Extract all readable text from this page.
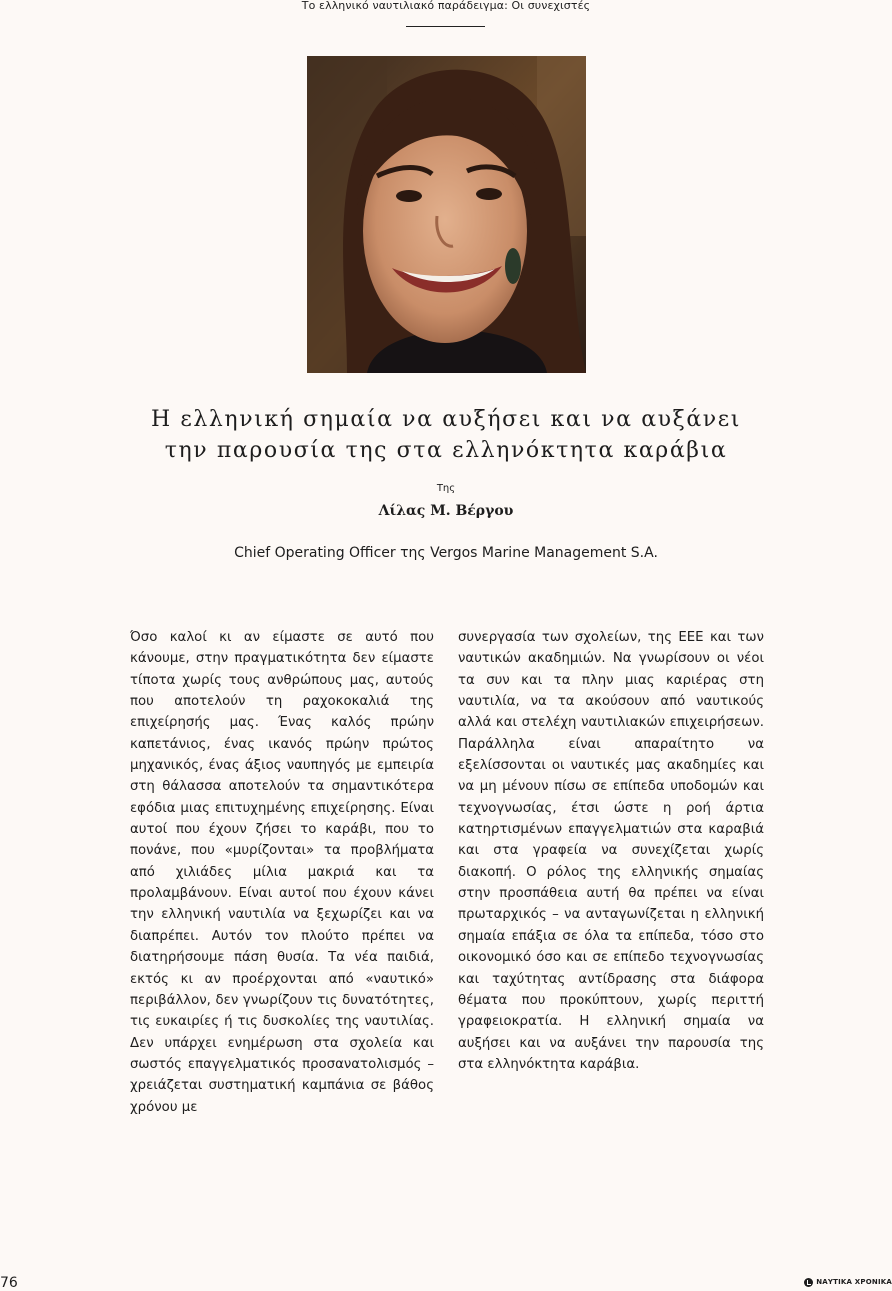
Το ελληνικό ναυτιλιακό παράδειγμα: Οι συνεχιστές
Η ελληνική σημαία να αυξήσει και να αυξάνει
την παρουσία της στα ελληνόκτητα καράβια
Της
Λίλας Μ. Βέργου
Chief Operating Officer της Vergos Marine Management S.A.

Όσο καλοί κι αν είμαστε σε αυτό που κάνουμε, στην πραγματικότητα δεν είμαστε τίποτα χωρίς τους ανθρώπους μας, αυτούς που αποτελούν τη ραχοκοκαλιά της επιχείρησής μας. Ένας καλός πρώην καπετάνιος, ένας ικανός πρώην πρώτος μηχανικός, ένας άξιος ναυπηγός με εμπειρία στη θάλασσα αποτελούν τα σημαντικότερα εφόδια μιας επιτυχημένης επιχείρησης. Είναι αυτοί που έχουν ζήσει το καράβι, που το πονάνε, που «μυρίζονται» τα προβλήματα από χιλιάδες μίλια μακριά και τα προλαμβάνουν. Είναι αυτοί που έχουν κάνει την ελληνική ναυτιλία να ξεχωρίζει και να διαπρέπει. Αυτόν τον πλούτο πρέπει να διατηρήσουμε πάση θυσία. Τα νέα παιδιά, εκτός κι αν προέρχονται από «ναυτικό» περιβάλλον, δεν γνωρίζουν τις δυνατότητες, τις ευκαιρίες ή τις δυσκολίες της ναυτιλίας. Δεν υπάρχει ενημέρωση στα σχολεία και σωστός επαγγελματικός προσανατολισμός – χρειάζεται συστηματική καμπάνια σε βάθος χρόνου με

συνεργασία των σχολείων, της ΕΕΕ και των ναυτικών ακαδημιών. Να γνωρίσουν οι νέοι τα συν και τα πλην μιας καριέρας στη ναυτιλία, να τα ακούσουν από ναυτικούς αλλά και στελέχη ναυτιλιακών επιχειρήσεων. Παράλληλα είναι απαραίτητο να εξελίσσονται οι ναυτικές μας ακαδημίες και να μη μένουν πίσω σε επίπεδα υποδομών και τεχνογνωσίας, έτσι ώστε η ροή άρτια κατηρτισμένων επαγγελματιών στα καραβιά και στα γραφεία να συνεχίζεται χωρίς διακοπή. Ο ρόλος της ελληνικής σημαίας στην προσπάθεια αυτή θα πρέπει να είναι πρωταρχικός – να ανταγωνίζεται η ελληνική σημαία επάξια σε όλα τα επίπεδα, τόσο στο οικονομικό όσο και σε επίπεδο τεχνογνωσίας και ταχύτητας αντίδρασης στα διάφορα θέματα που προκύπτουν, χωρίς περιττή γραφειοκρατία. Η ελληνική σημαία να αυξήσει και να αυξάνει την παρουσία της στα ελληνόκτητα καράβια.

76	ΝΑΥΤΙΚΑ ΧΡΟΝΙΚΑ
